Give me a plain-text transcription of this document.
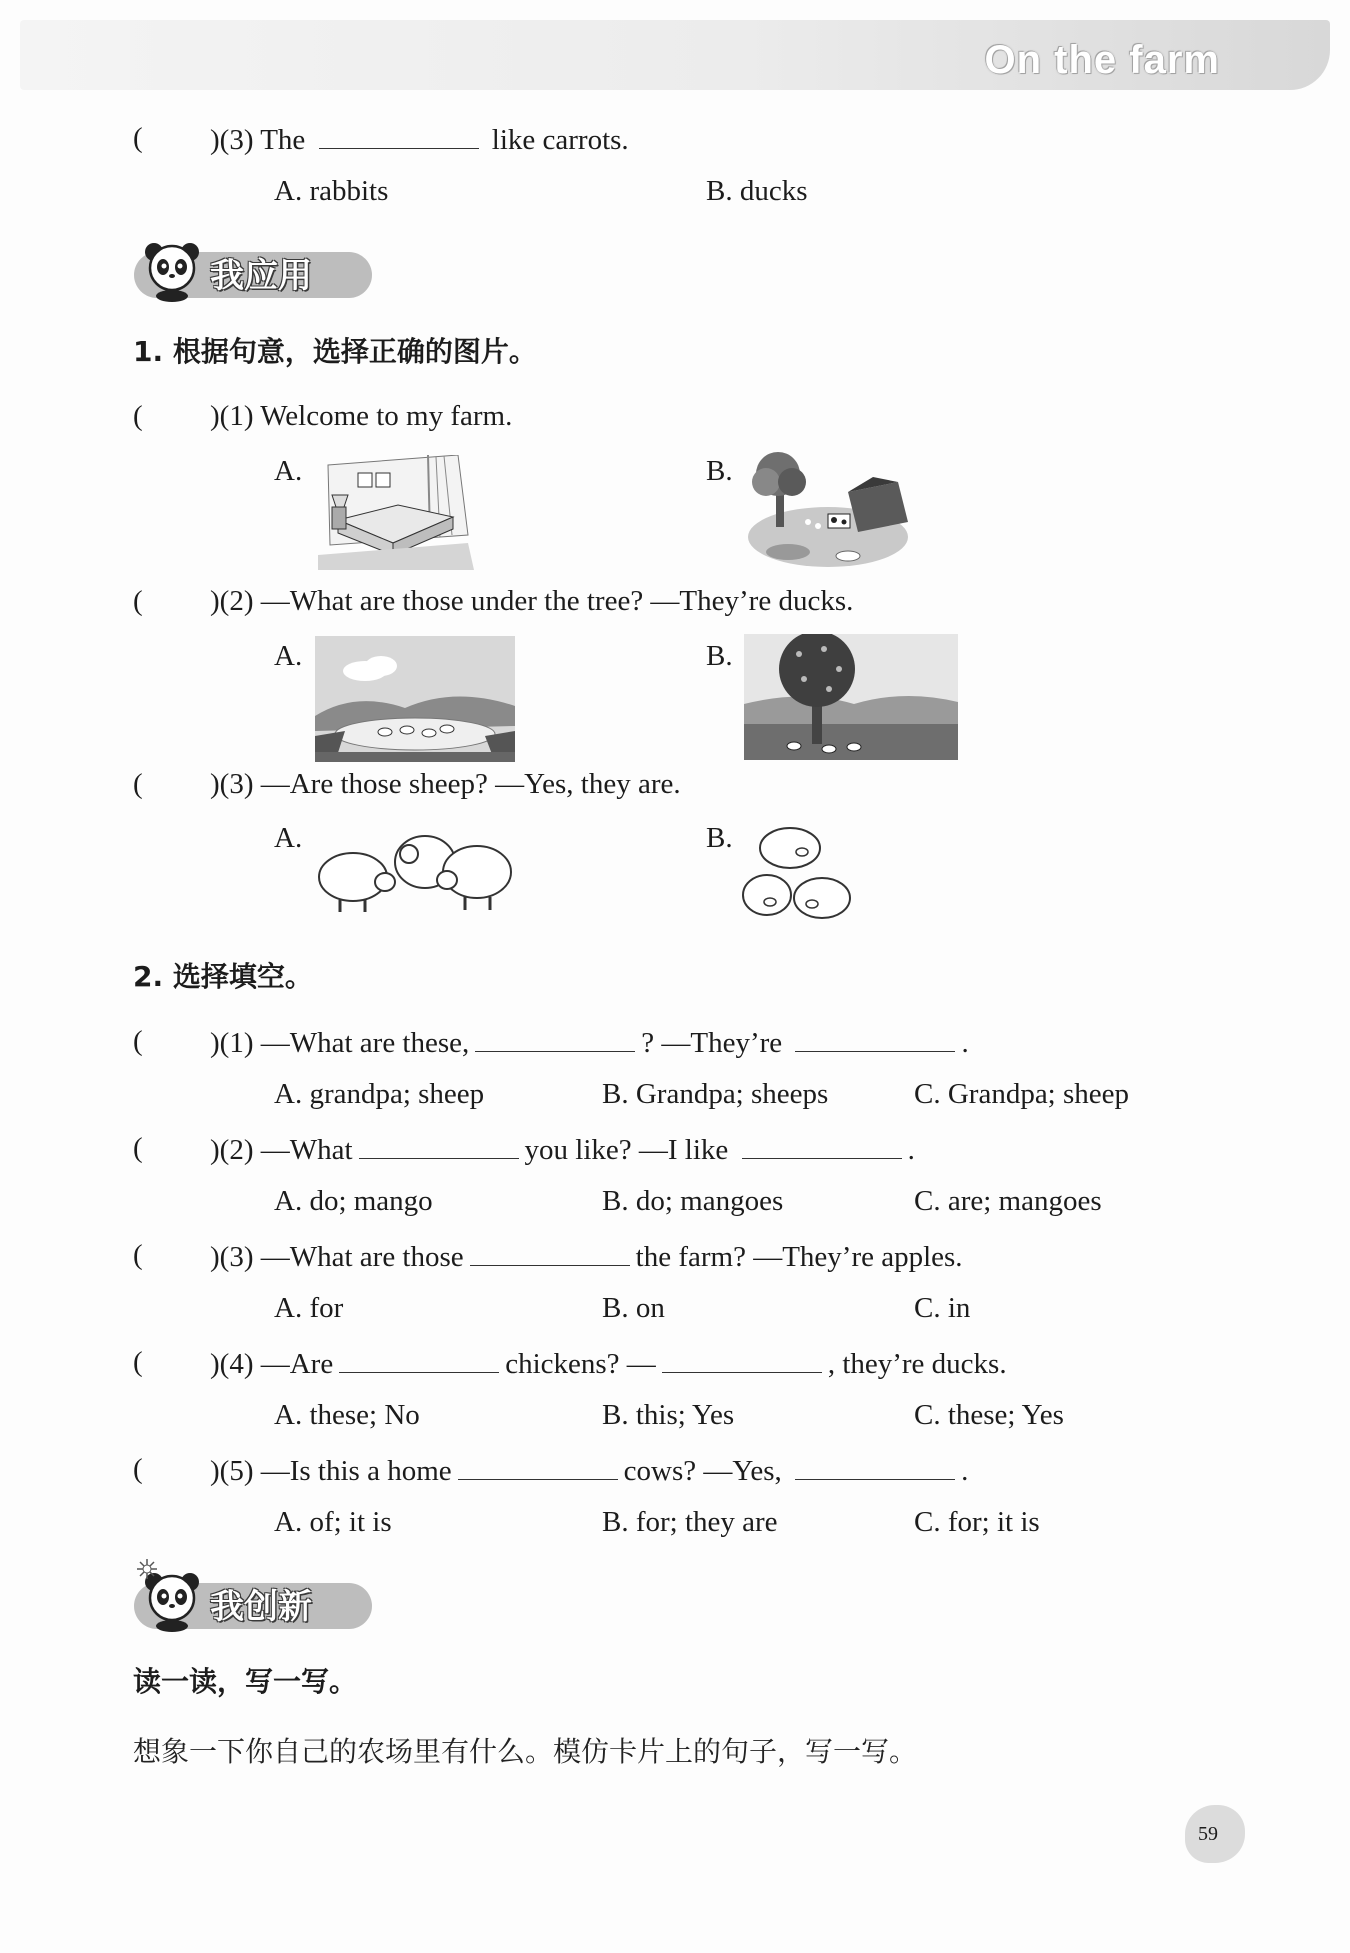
On the farm
( )(3) The	like carrots.
A. rabbits	B. ducks
我应用
1. 根据句意，选择正确的图片。
( )(1) Welcome to my farm.
A.	B.
( )(2) —What are those under the tree? —They’re ducks.
A.	B.
( )(3) —Are those sheep? —Yes, they are.
A.	B.
2. 选择填空。
( )(1) —What are these,	? —They’re	.
A. grandpa; sheep	B. Grandpa; sheeps	C. Grandpa; sheep
( )(2) —What	you like? —I like	.
A. do; mango	B. do; mangoes	C. are; mangoes
( )(3) —What are those	the farm? —They’re apples.
A. for	B. on	C. in
( )(4) —Are	chickens? —	, they’re ducks.
A. these; No	B. this; Yes	C. these; Yes
( )(5) —Is this a home	cows? —Yes,	.
A. of; it is	B. for; they are	C. for; it is
我创新
读一读，写一写。
想象一下你自己的农场里有什么。模仿卡片上的句子，写一写。
59
